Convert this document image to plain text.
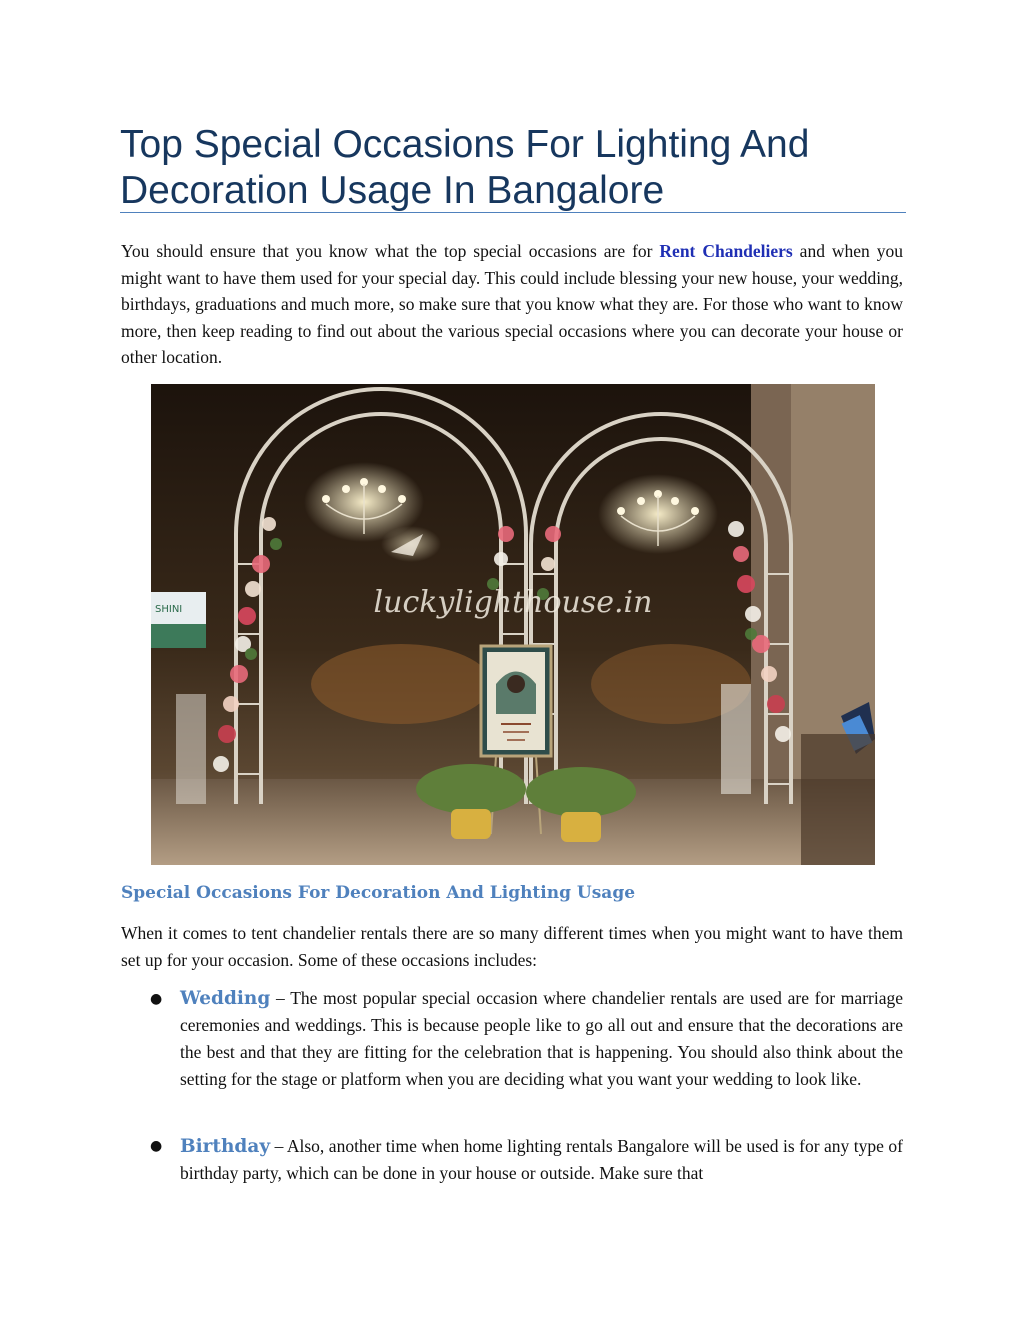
Top Special Occasions For Lighting And Decoration Usage In Bangalore

You should ensure that you know what the top special occasions are for Rent Chandeliers and when you might want to have them used for your special day. This could include blessing your new house, your wedding, birthdays, graduations and much more, so make sure that you know what they are. For those who want to know more, then keep reading to find out about the various special occasions where you can decorate your house or other location.

SHINI	luckylighthouse.in
Special Occasions For Decoration And Lighting Usage

When it comes to tent chandelier rentals there are so many different times when you might want to have them set up for your occasion. Some of these occasions includes:

● Wedding – The most popular special occasion where chandelier rentals are used are for marriage ceremonies and weddings. This is because people like to go all out and ensure that the decorations are the best and that they are fitting for the celebration that is happening. You should also think about the setting for the stage or platform when you are deciding what you want your wedding to look like.
● Birthday – Also, another time when home lighting rentals Bangalore will be used is for any type of birthday party, which can be done in your house or outside. Make sure that
